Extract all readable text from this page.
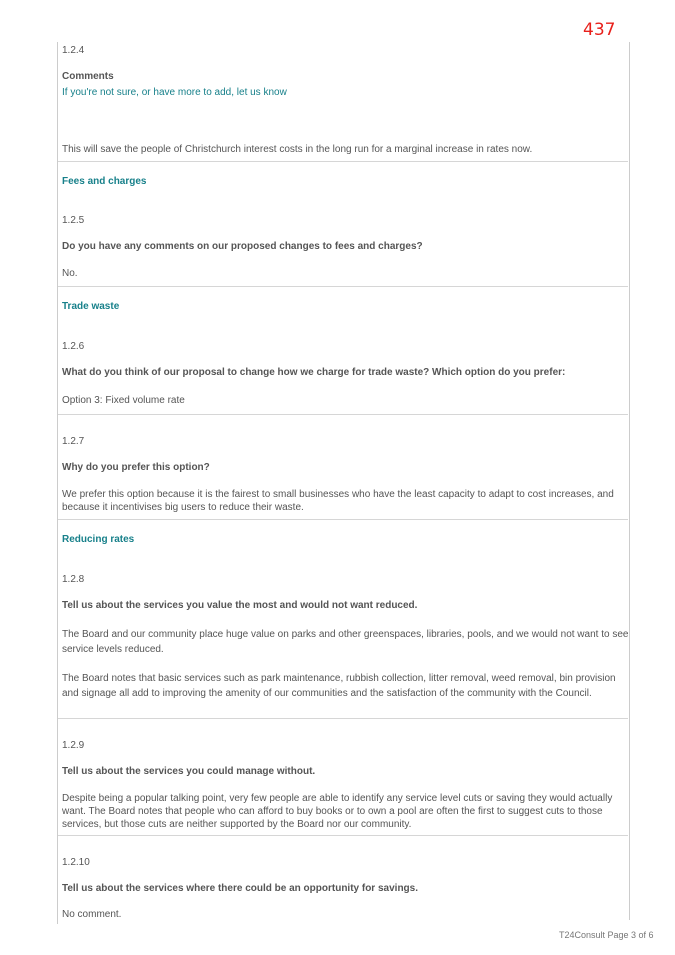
437
1.2.4
Comments
If you're not sure, or have more to add, let us know
This will save the people of Christchurch interest costs in the long run for a marginal increase in rates now.
Fees and charges
1.2.5
Do you have any comments on our proposed changes to fees and charges?
No.
Trade waste
1.2.6
What do you think of our proposal to change how we charge for trade waste? Which option do you prefer:
Option 3: Fixed volume rate
1.2.7
Why do you prefer this option?
We prefer this option because it is the fairest to small businesses who have the least capacity to adapt to cost increases, and because it incentivises big users to reduce their waste.
Reducing rates
1.2.8
Tell us about the services you value the most and would not want reduced.
The Board and our community place huge value on parks and other greenspaces, libraries, pools, and we would not want to see service levels reduced.
The Board notes that basic services such as park maintenance, rubbish collection, litter removal, weed removal, bin provision and signage all add to improving the amenity of our communities and the satisfaction of the community with the Council.
1.2.9
Tell us about the services you could manage without.
Despite being a popular talking point, very few people are able to identify any service level cuts or saving they would actually want. The Board notes that people who can afford to buy books or to own a pool are often the first to suggest cuts to those services, but those cuts are neither supported by the Board nor our community.
1.2.10
Tell us about the services where there could be an opportunity for savings.
No comment.
T24Consult Page 3 of 6
